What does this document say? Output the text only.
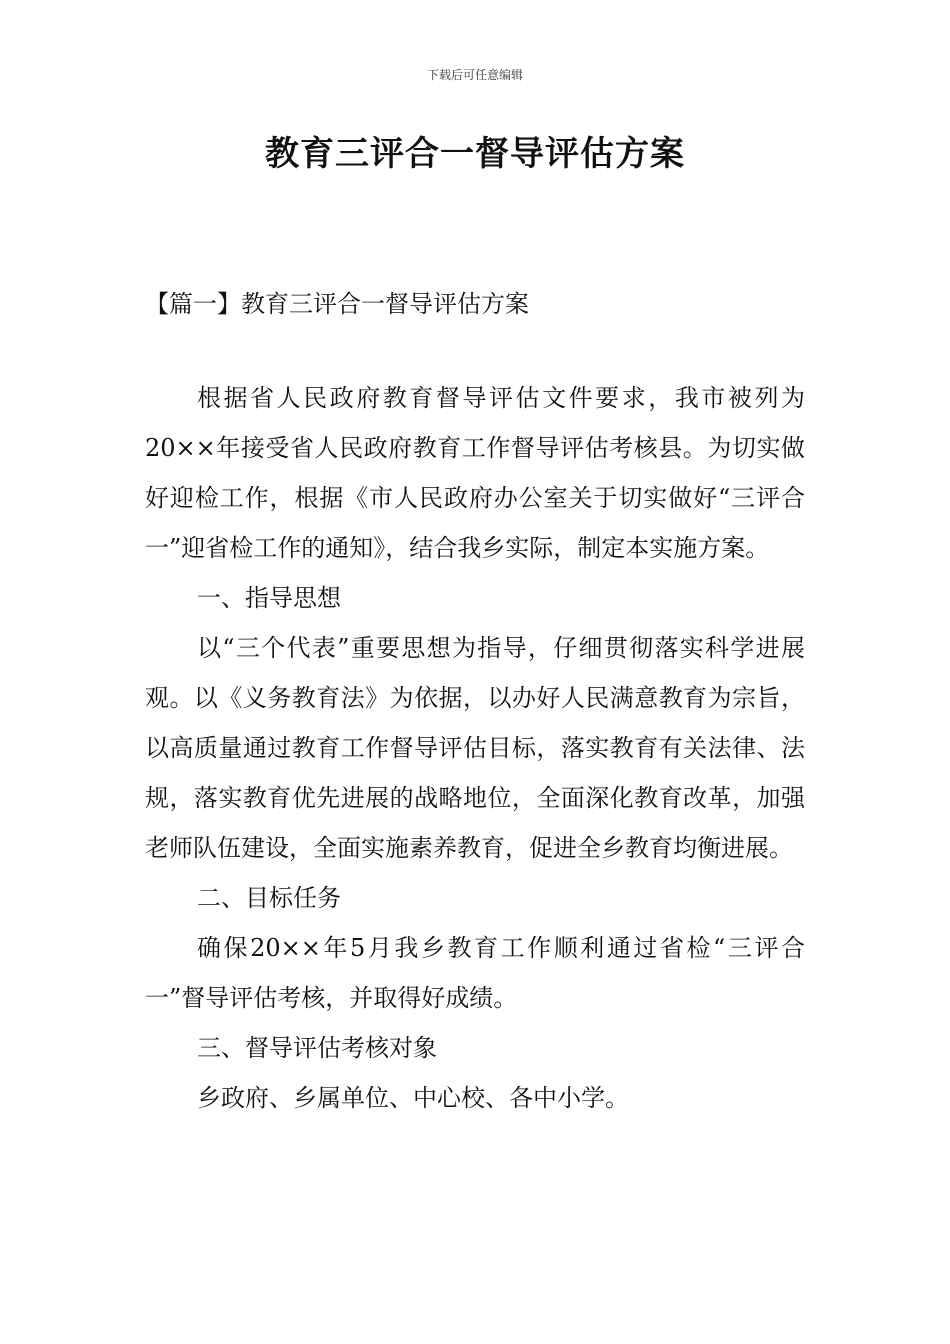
下载后可任意编辑
教育三评合一督导评估方案
【篇一】教育三评合一督导评估方案

根据省人民政府教育督导评估文件要求，我市被列为20××年接受省人民政府教育工作督导评估考核县。为切实做好迎检工作，根据《市人民政府办公室关于切实做好“三评合一”迎省检工作的通知》，结合我乡实际，制定本实施方案。

一、指导思想

以“三个代表”重要思想为指导，仔细贯彻落实科学进展观。以《义务教育法》为依据，以办好人民满意教育为宗旨，以高质量通过教育工作督导评估目标，落实教育有关法律、法规，落实教育优先进展的战略地位，全面深化教育改革，加强老师队伍建设，全面实施素养教育，促进全乡教育均衡进展。

二、目标任务

确保20××年5月我乡教育工作顺利通过省检“三评合一”督导评估考核，并取得好成绩。

三、督导评估考核对象

乡政府、乡属单位、中心校、各中小学。
